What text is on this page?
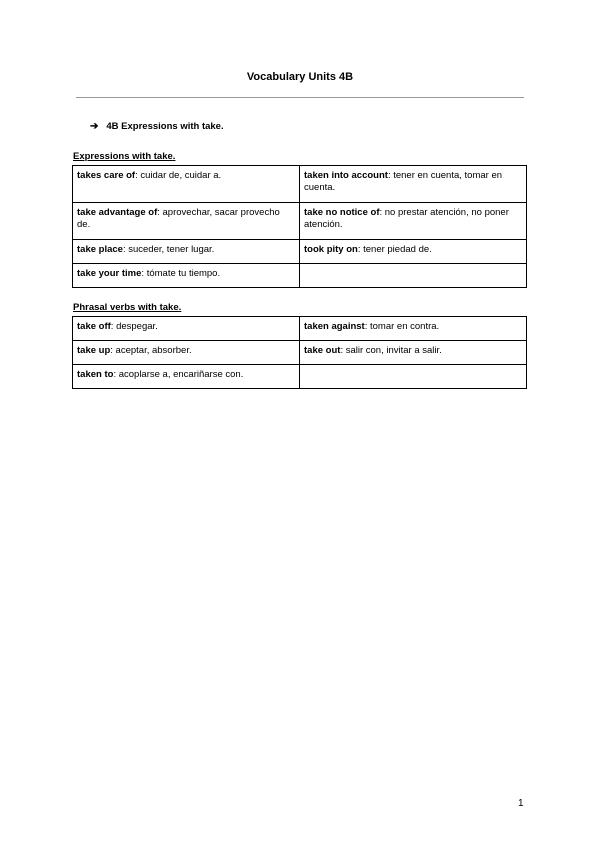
Vocabulary Units 4B
➔ 4B Expressions with take.
Expressions with take.
takes care of: cuidar de, cuidar a.	taken into account: tener en cuenta, tomar en cuenta.
take advantage of: aprovechar, sacar provecho de.	take no notice of: no prestar atención, no poner atención.
take place: suceder, tener lugar.	took pity on: tener piedad de.
take your time: tómate tu tiempo.	
Phrasal verbs with take.
take off: despegar.	taken against: tomar en contra.
take up: aceptar, absorber.	take out: salir con, invitar a salir.
taken to: acoplarse a, encariñarse con.	
1
